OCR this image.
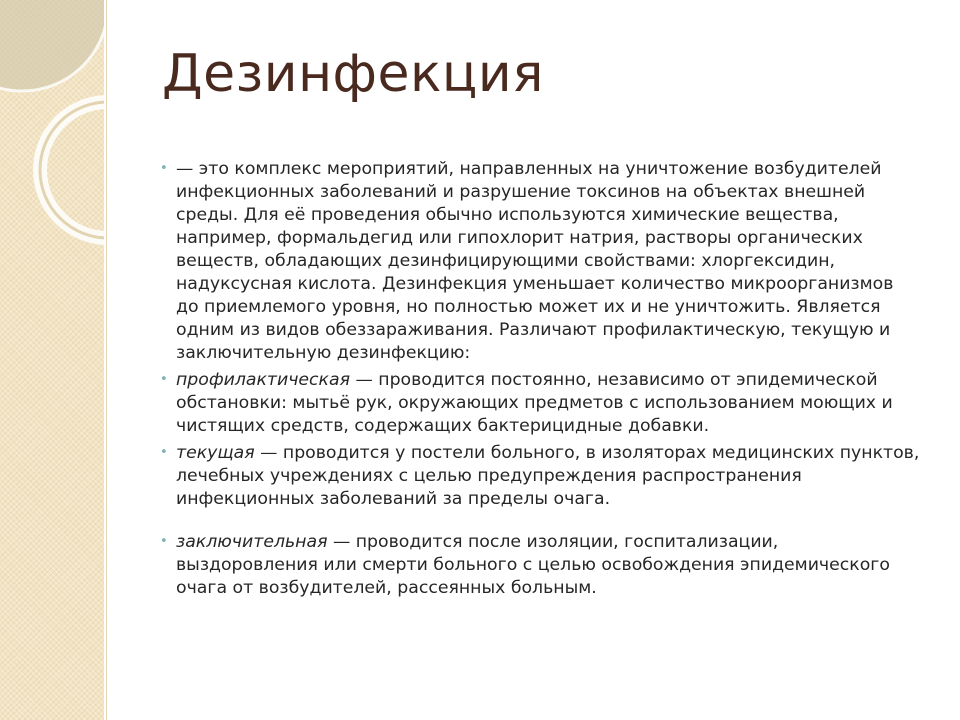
Дезинфекция

• — это комплекс мероприятий, направленных на уничтожение возбудителей инфекционных заболеваний и разрушение токсинов на объектах внешней среды. Для её проведения обычно используются химические вещества, например, формальдегид или гипохлорит натрия, растворы органических веществ, обладающих дезинфицирующими свойствами: хлоргексидин, надуксусная кислота. Дезинфекция уменьшает количество микроорганизмов до приемлемого уровня, но полностью может их и не уничтожить. Является одним из видов обеззараживания. Различают профилактическую, текущую и заключительную дезинфекцию:

• профилактическая — проводится постоянно, независимо от эпидемической обстановки: мытьё рук, окружающих предметов с использованием моющих и чистящих средств, содержащих бактерицидные добавки.

• текущая — проводится у постели больного, в изоляторах медицинских пунктов, лечебных учреждениях с целью предупреждения распространения инфекционных заболеваний за пределы очага.

• заключительная — проводится после изоляции, госпитализации, выздоровления или смерти больного с целью освобождения эпидемического очага от возбудителей, рассеянных больным.
